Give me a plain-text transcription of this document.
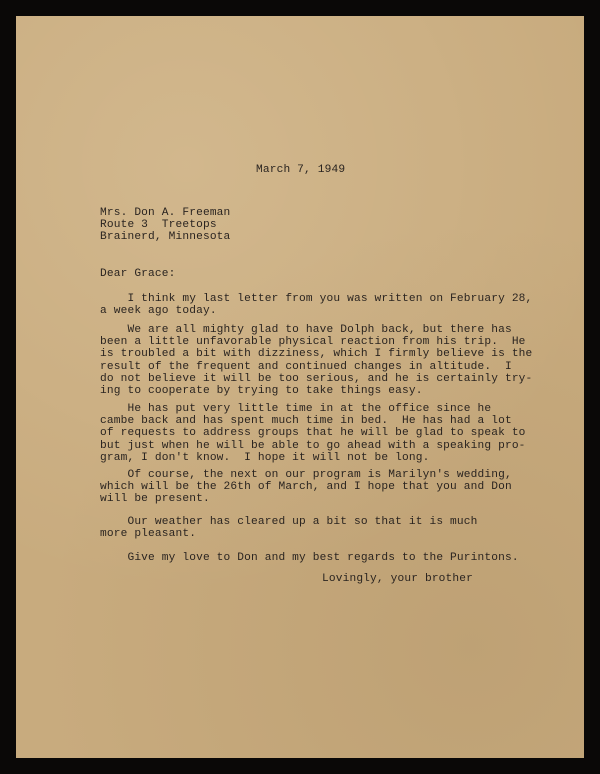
March 7, 1949
Mrs. Don A. Freeman
Route 3  Treetops
Brainerd, Minnesota
Dear Grace:
I think my last letter from you was written on February 28,
a week ago today.
We are all mighty glad to have Dolph back, but there has
been a little unfavorable physical reaction from his trip.  He
is troubled a bit with dizziness, which I firmly believe is the
result of the frequent and continued changes in altitude.  I
do not believe it will be too serious, and he is certainly try-
ing to cooperate by trying to take things easy.
He has put very little time in at the office since he
cambe back and has spent much time in bed.  He has had a lot
of requests to address groups that he will be glad to speak to
but just when he will be able to go ahead with a speaking pro-
gram, I don't know.  I hope it will not be long.
Of course, the next on our program is Marilyn's wedding,
which will be the 26th of March, and I hope that you and Don
will be present.
Our weather has cleared up a bit so that it is much
more pleasant.
Give my love to Don and my best regards to the Purintons.
Lovingly, your brother
